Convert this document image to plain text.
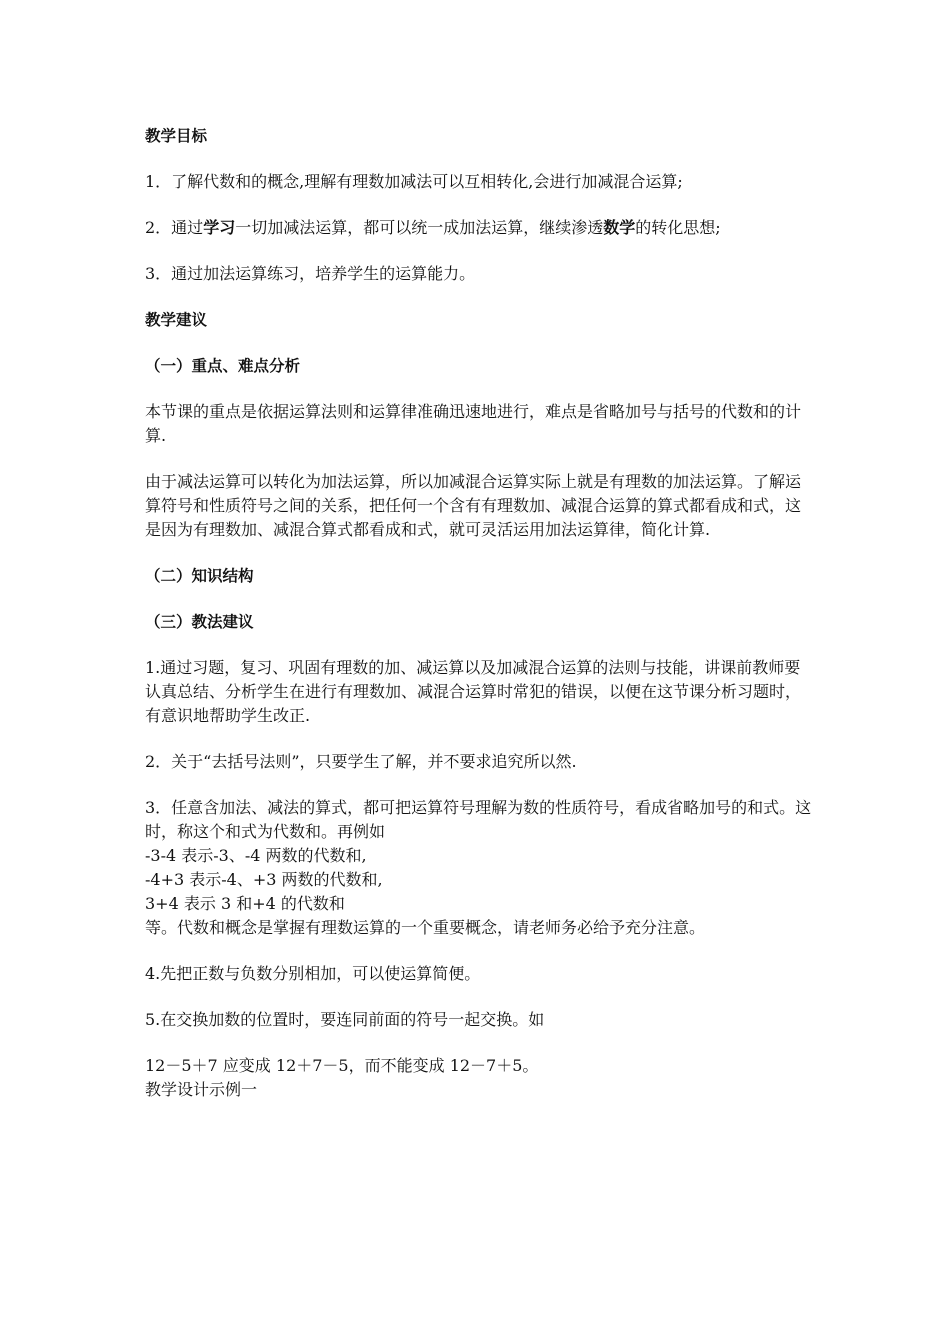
教学目标

1．了解代数和的概念,理解有理数加减法可以互相转化,会进行加减混合运算;

2．通过学习一切加减法运算，都可以统一成加法运算，继续渗透数学的转化思想;

3．通过加法运算练习，培养学生的运算能力。

教学建议

（一）重点、难点分析

本节课的重点是依据运算法则和运算律准确迅速地进行，难点是省略加号与括号的代数和的计算.

由于减法运算可以转化为加法运算，所以加减混合运算实际上就是有理数的加法运算。了解运算符号和性质符号之间的关系，把任何一个含有有理数加、减混合运算的算式都看成和式，这是因为有理数加、减混合算式都看成和式，就可灵活运用加法运算律，简化计算.

（二）知识结构

（三）教法建议

1.通过习题，复习、巩固有理数的加、减运算以及加减混合运算的法则与技能，讲课前教师要认真总结、分析学生在进行有理数加、减混合运算时常犯的错误，以便在这节课分析习题时，有意识地帮助学生改正.

2．关于“去括号法则”，只要学生了解，并不要求追究所以然.

3．任意含加法、减法的算式，都可把运算符号理解为数的性质符号，看成省略加号的和式。这时，称这个和式为代数和。再例如

-3-4 表示-3、-4 两数的代数和,

-4+3 表示-4、+3 两数的代数和,

3+4 表示 3 和+4 的代数和

等。代数和概念是掌握有理数运算的一个重要概念，请老师务必给予充分注意。

4.先把正数与负数分别相加，可以使运算简便。

5.在交换加数的位置时，要连同前面的符号一起交换。如

12－5＋7 应变成 12＋7－5，而不能变成 12－7＋5。

教学设计示例一
